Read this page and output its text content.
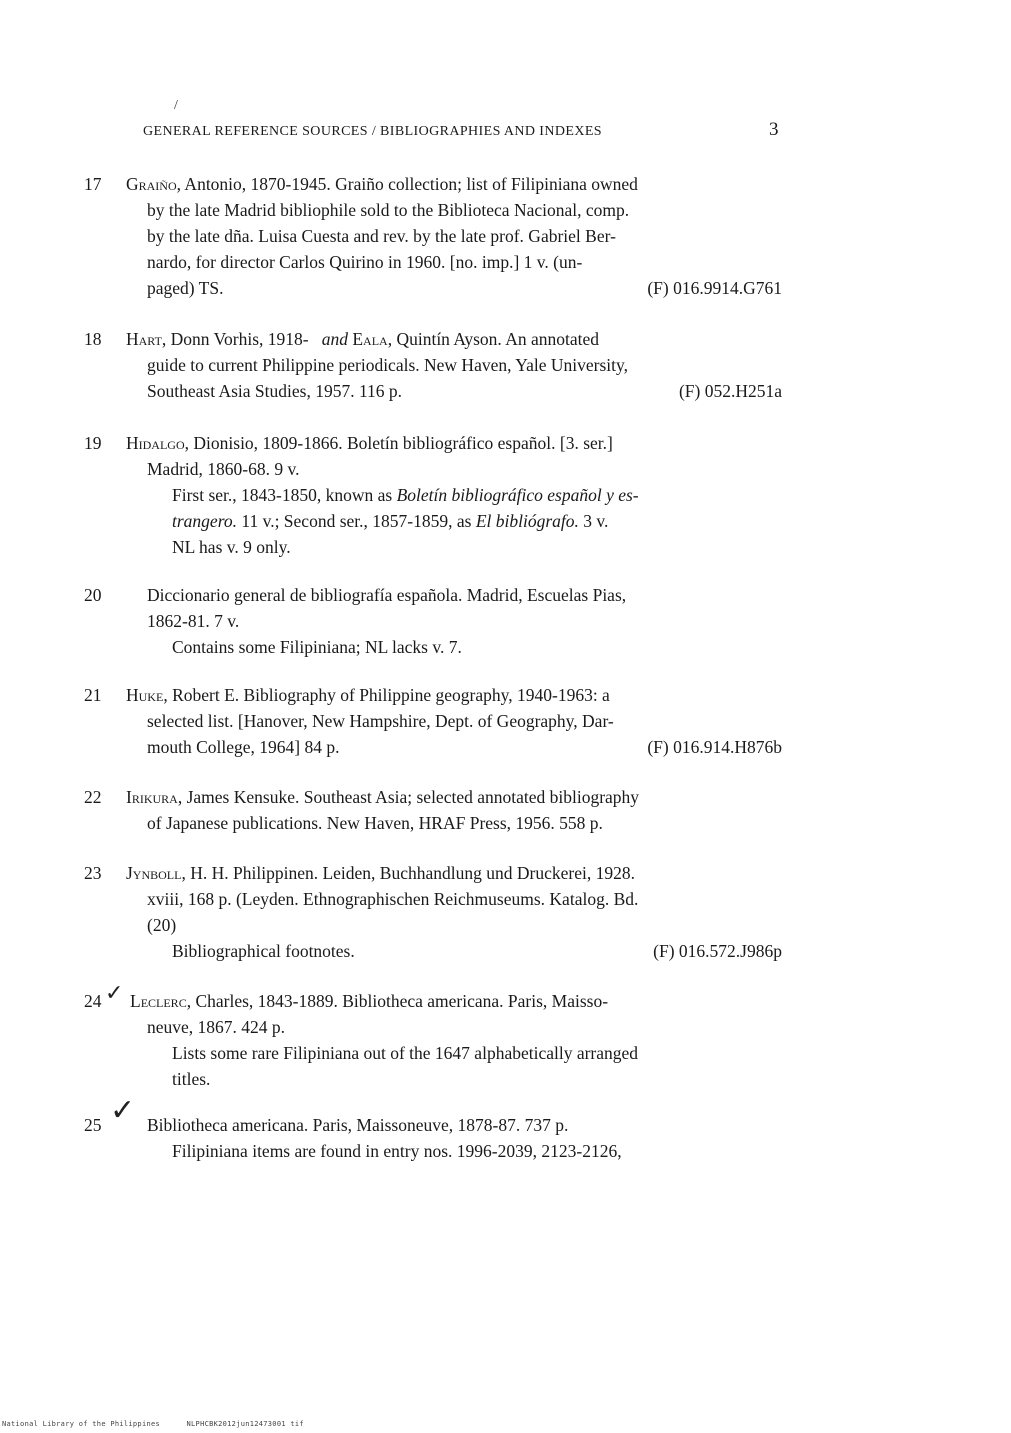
/
GENERAL REFERENCE SOURCES / BIBLIOGRAPHIES AND INDEXES	3
17	Graiño, Antonio, 1870-1945. Graiño collection; list of Filipiniana owned
by the late Madrid bibliophile sold to the Biblioteca Nacional, comp.
by the late dña. Luisa Cuesta and rev. by the late prof. Gabriel Ber-
nardo, for director Carlos Quirino in 1960. [no. imp.] 1 v. (un-
paged) TS.	(F) 016.9914.G761
18	Hart, Donn Vorhis, 1918- and Eala, Quintín Ayson. An annotated
guide to current Philippine periodicals. New Haven, Yale University,
Southeast Asia Studies, 1957. 116 p.	(F) 052.H251a
19	Hidalgo, Dionisio, 1809-1866. Boletín bibliográfico español. [3. ser.]
Madrid, 1860-68. 9 v.
First ser., 1843-1850, known as Boletín bibliográfico español y es-
trangero. 11 v.; Second ser., 1857-1859, as El bibliógrafo. 3 v.
NL has v. 9 only.
20	Diccionario general de bibliografía española. Madrid, Escuelas Pias,
1862-81. 7 v.
Contains some Filipiniana; NL lacks v. 7.
21	Huke, Robert E. Bibliography of Philippine geography, 1940-1963: a
selected list. [Hanover, New Hampshire, Dept. of Geography, Dar-
mouth College, 1964] 84 p.	(F) 016.914.H876b
22	Irikura, James Kensuke. Southeast Asia; selected annotated bibliography
of Japanese publications. New Haven, HRAF Press, 1956. 558 p.
23	Jynboll, H. H. Philippinen. Leiden, Buchhandlung und Druckerei, 1928.
xviii, 168 p. (Leyden. Ethnographischen Reichmuseums. Katalog. Bd.
(20)
Bibliographical footnotes.	(F) 016.572.J986p
24 ✓ Leclerc, Charles, 1843-1889. Bibliotheca americana. Paris, Maisso-
neuve, 1867. 424 p.
Lists some rare Filipiniana out of the 1647 alphabetically arranged
titles.
25 ✓ Bibliotheca americana. Paris, Maissoneuve, 1878-87. 737 p.
Filipiniana items are found in entry nos. 1996-2039, 2123-2126,
National Library of the Philippines	NLPHCBK2012jun12473001 tif
